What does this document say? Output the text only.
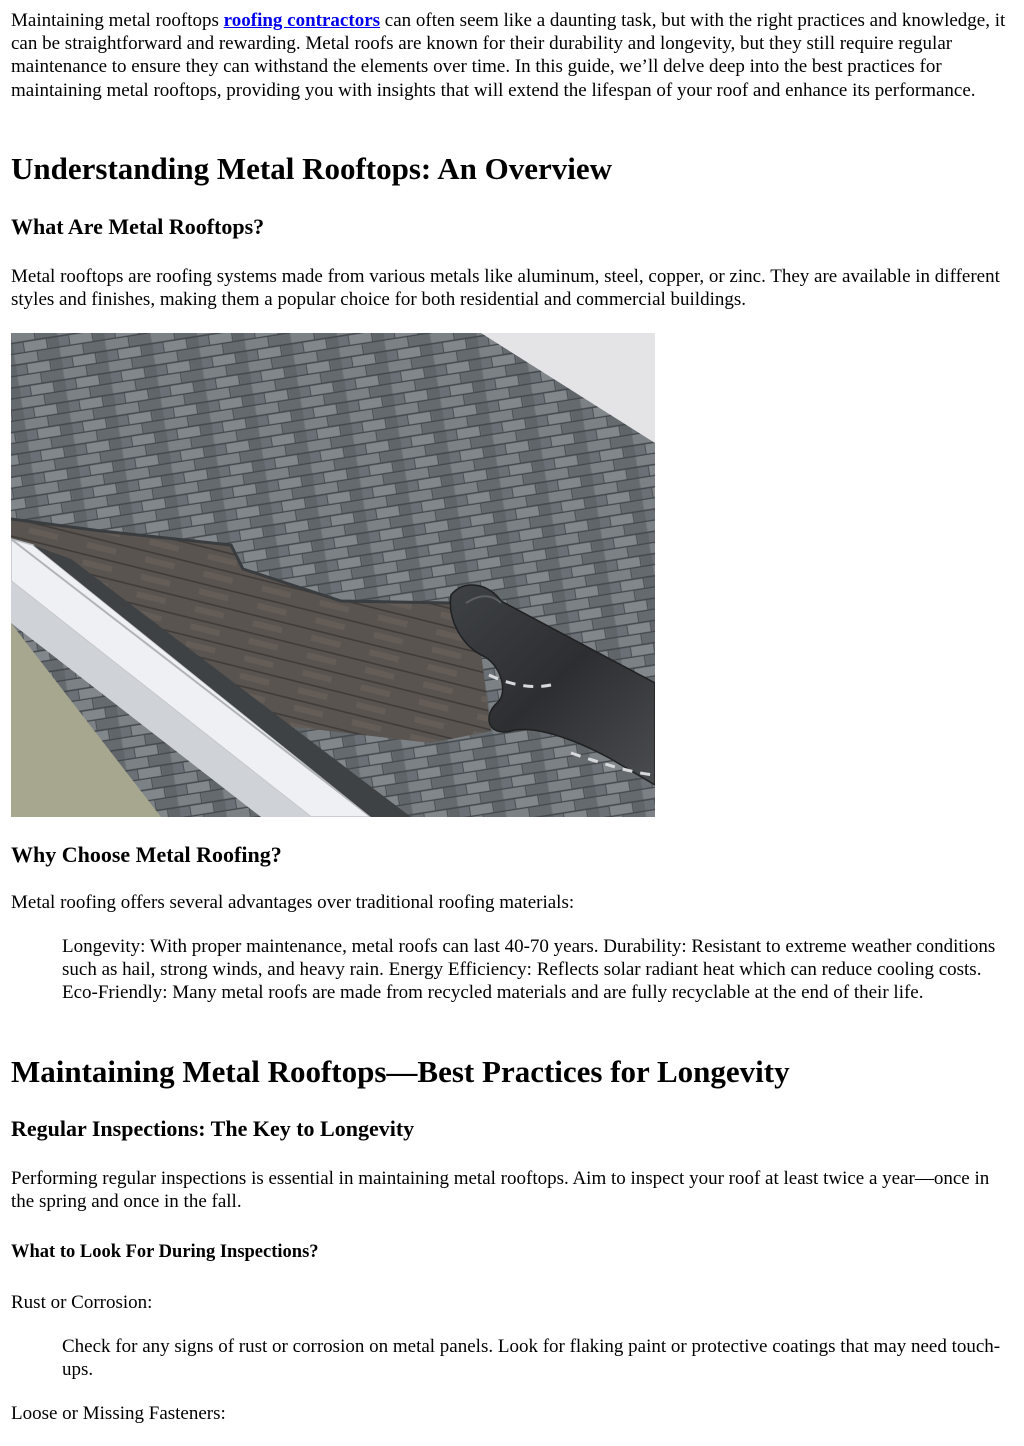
Maintaining metal rooftops roofing contractors can often seem like a daunting task, but with the right practices and knowledge, it can be straightforward and rewarding. Metal roofs are known for their durability and longevity, but they still require regular maintenance to ensure they can withstand the elements over time. In this guide, we’ll delve deep into the best practices for maintaining metal rooftops, providing you with insights that will extend the lifespan of your roof and enhance its performance.

Understanding Metal Rooftops: An Overview
What Are Metal Rooftops?

Metal rooftops are roofing systems made from various metals like aluminum, steel, copper, or zinc. They are available in different styles and finishes, making them a popular choice for both residential and commercial buildings.

Why Choose Metal Roofing?

Metal roofing offers several advantages over traditional roofing materials:

Longevity: With proper maintenance, metal roofs can last 40-70 years. Durability: Resistant to extreme weather conditions such as hail, strong winds, and heavy rain. Energy Efficiency: Reflects solar radiant heat which can reduce cooling costs. Eco-Friendly: Many metal roofs are made from recycled materials and are fully recyclable at the end of their life.

Maintaining Metal Rooftops—Best Practices for Longevity
Regular Inspections: The Key to Longevity

Performing regular inspections is essential in maintaining metal rooftops. Aim to inspect your roof at least twice a year—once in the spring and once in the fall.

What to Look For During Inspections?

Rust or Corrosion:

Check for any signs of rust or corrosion on metal panels. Look for flaking paint or protective coatings that may need touch-ups.

Loose or Missing Fasteners:
